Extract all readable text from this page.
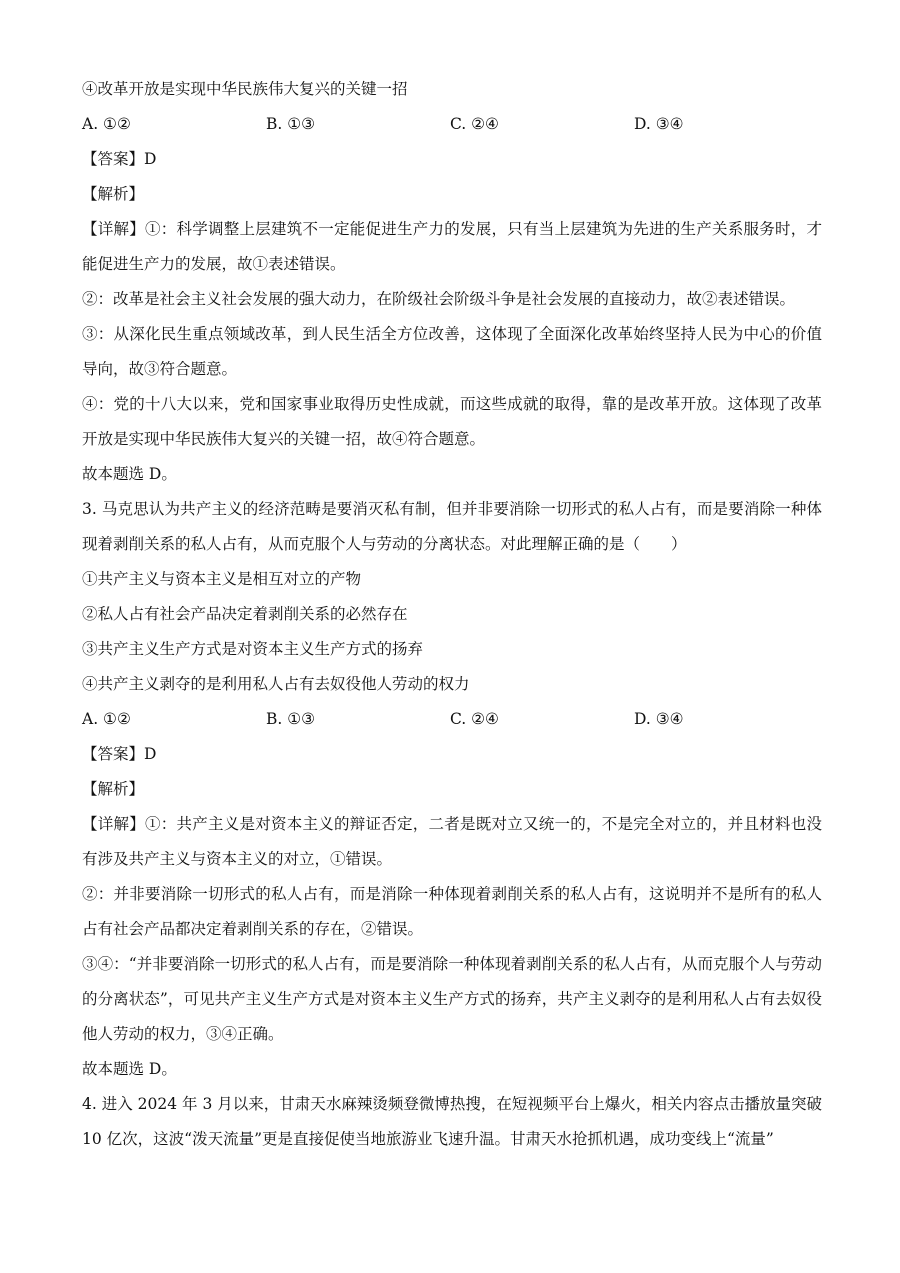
④改革开放是实现中华民族伟大复兴的关键一招
A. ①②	B. ①③	C. ②④	D. ③④
【答案】D
【解析】
【详解】①：科学调整上层建筑不一定能促进生产力的发展，只有当上层建筑为先进的生产关系服务时，才能促进生产力的发展，故①表述错误。
②：改革是社会主义社会发展的强大动力，在阶级社会阶级斗争是社会发展的直接动力，故②表述错误。
③：从深化民生重点领域改革，到人民生活全方位改善，这体现了全面深化改革始终坚持人民为中心的价值导向，故③符合题意。
④：党的十八大以来，党和国家事业取得历史性成就，而这些成就的取得，靠的是改革开放。这体现了改革开放是实现中华民族伟大复兴的关键一招，故④符合题意。
故本题选 D。
3. 马克思认为共产主义的经济范畴是要消灭私有制，但并非要消除一切形式的私人占有，而是要消除一种体现着剥削关系的私人占有，从而克服个人与劳动的分离状态。对此理解正确的是（　　）
①共产主义与资本主义是相互对立的产物
②私人占有社会产品决定着剥削关系的必然存在
③共产主义生产方式是对资本主义生产方式的扬弃
④共产主义剥夺的是利用私人占有去奴役他人劳动的权力
A. ①②	B. ①③	C. ②④	D. ③④
【答案】D
【解析】
【详解】①：共产主义是对资本主义的辩证否定，二者是既对立又统一的，不是完全对立的，并且材料也没有涉及共产主义与资本主义的对立，①错误。
②：并非要消除一切形式的私人占有，而是消除一种体现着剥削关系的私人占有，这说明并不是所有的私人占有社会产品都决定着剥削关系的存在，②错误。
③④：“并非要消除一切形式的私人占有，而是要消除一种体现着剥削关系的私人占有，从而克服个人与劳动的分离状态”，可见共产主义生产方式是对资本主义生产方式的扬弃，共产主义剥夺的是利用私人占有去奴役他人劳动的权力，③④正确。
故本题选 D。
4. 进入 2024 年 3 月以来，甘肃天水麻辣烫频登微博热搜，在短视频平台上爆火，相关内容点击播放量突破 10 亿次，这波“泼天流量”更是直接促使当地旅游业飞速升温。甘肃天水抢抓机遇，成功变线上“流量”
